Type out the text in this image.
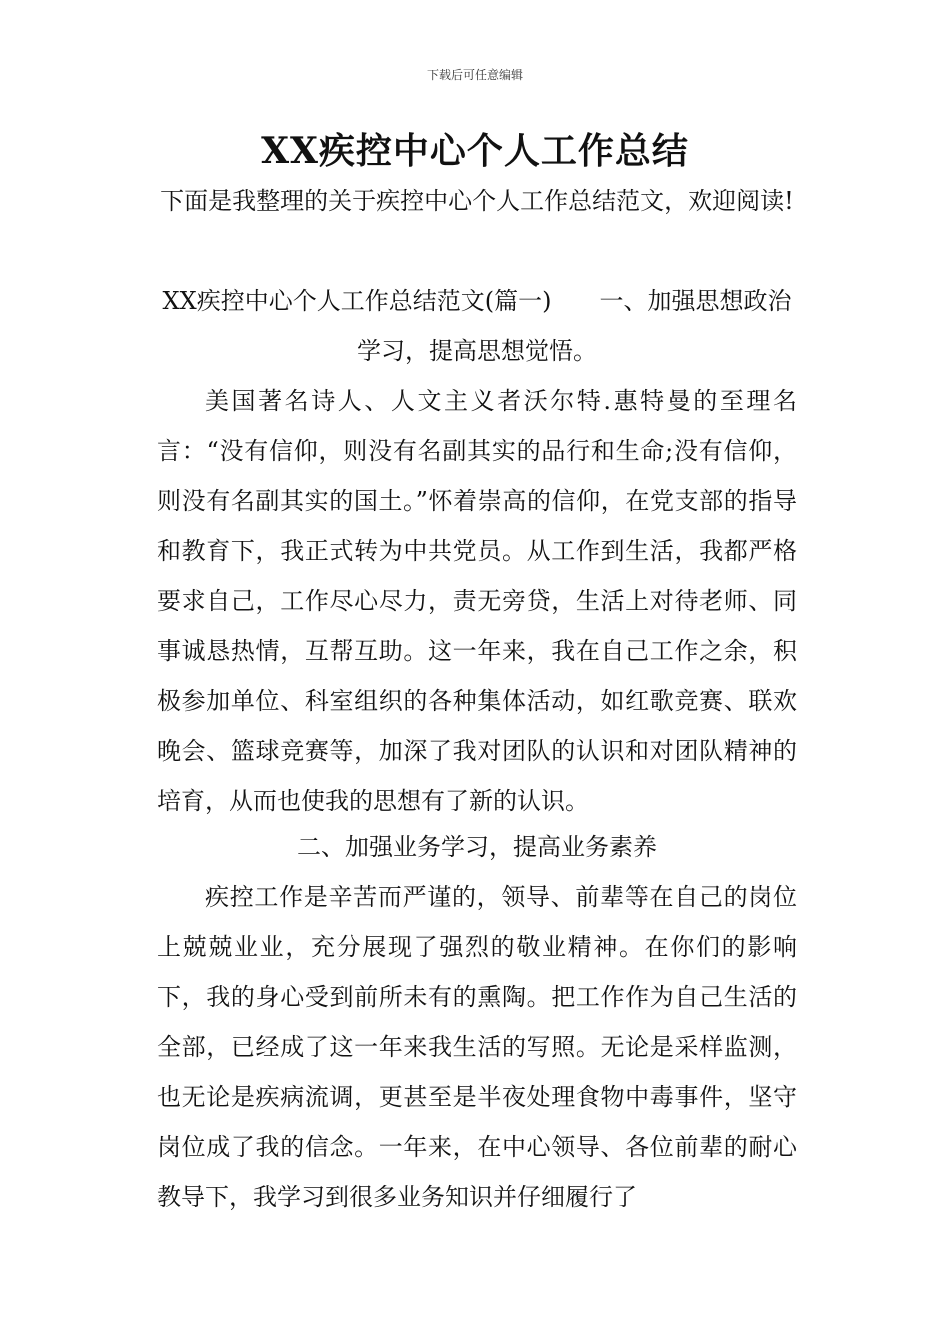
下载后可任意编辑
XX疾控中心个人工作总结
下面是我整理的关于疾控中心个人工作总结范文，欢迎阅读!
XX疾控中心个人工作总结范文(篇一) 一、加强思想政治学习，提高思想觉悟。
美国著名诗人、人文主义者沃尔特.惠特曼的至理名言：“没有信仰，则没有名副其实的品行和生命;没有信仰，则没有名副其实的国土。”怀着崇高的信仰，在党支部的指导和教育下，我正式转为中共党员。从工作到生活，我都严格要求自己，工作尽心尽力，责无旁贷，生活上对待老师、同事诚恳热情，互帮互助。这一年来，我在自己工作之余，积极参加单位、科室组织的各种集体活动，如红歌竞赛、联欢晚会、篮球竞赛等，加深了我对团队的认识和对团队精神的培育，从而也使我的思想有了新的认识。
二、加强业务学习，提高业务素养
疾控工作是辛苦而严谨的，领导、前辈等在自己的岗位上兢兢业业，充分展现了强烈的敬业精神。在你们的影响下，我的身心受到前所未有的熏陶。把工作作为自己生活的全部，已经成了这一年来我生活的写照。无论是采样监测，也无论是疾病流调，更甚至是半夜处理食物中毒事件，坚守岗位成了我的信念。一年来，在中心领导、各位前辈的耐心教导下，我学习到很多业务知识并仔细履行了
